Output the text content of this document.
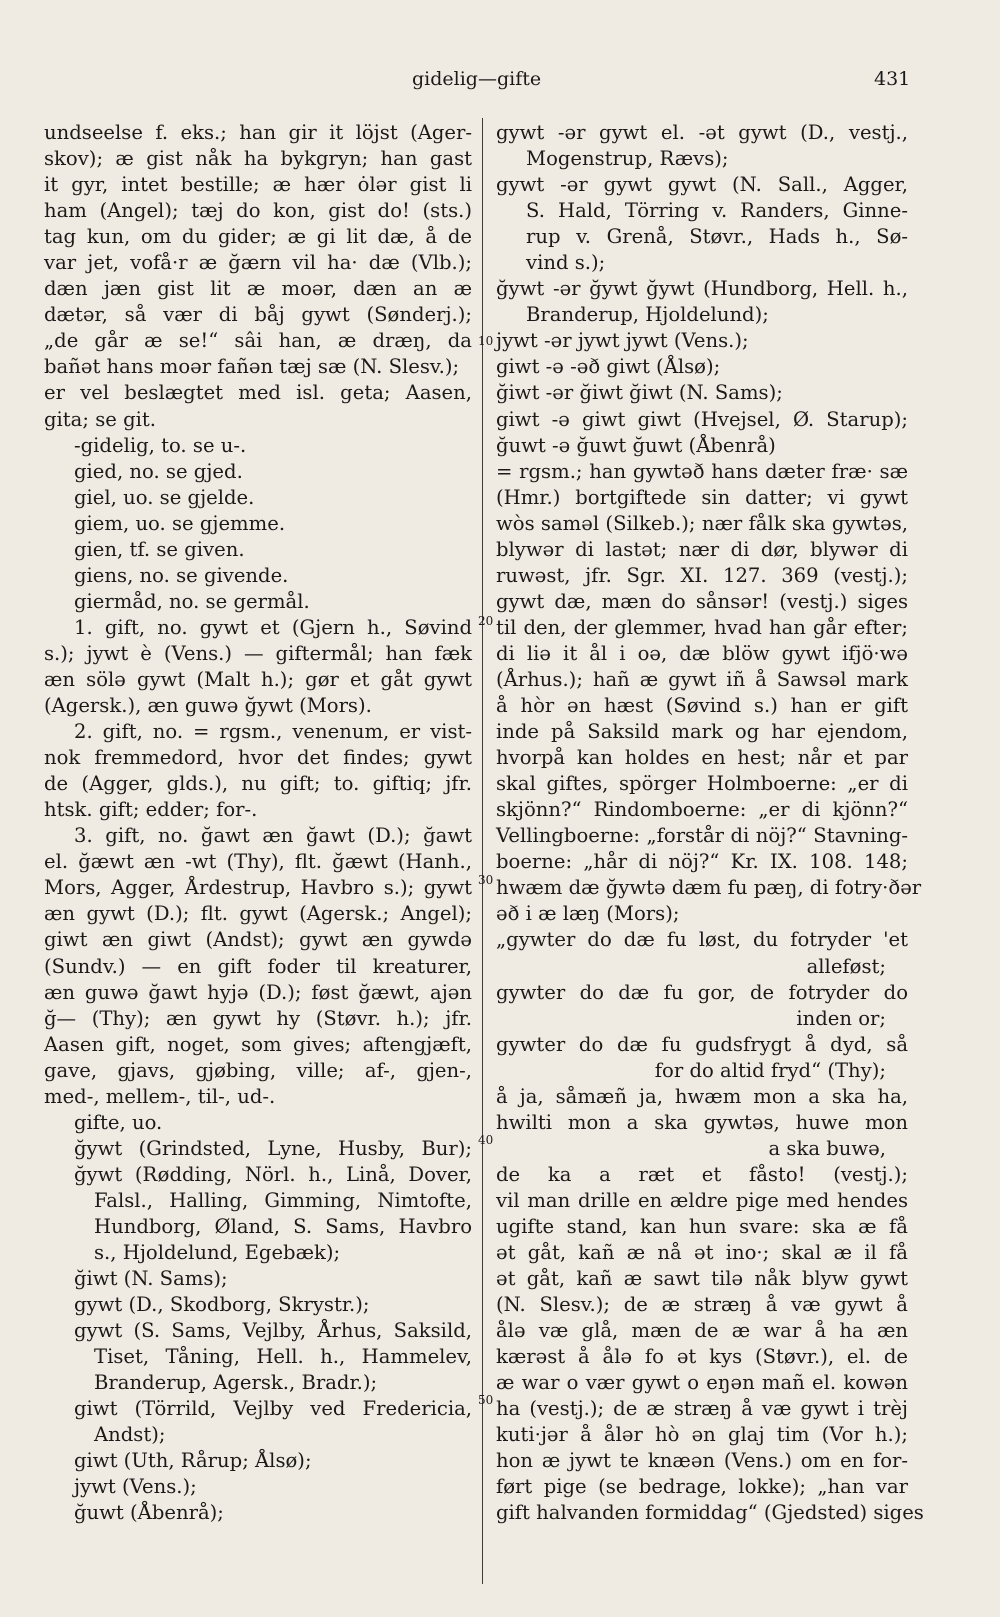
gidelig—gifte	431
undseelse f. eks.; han gir it löjst (Ager-
skov); æ gist nåk ha bykgryn; han gast
it gyr, intet bestille; æ hær ȯlər gist li
ham (Angel); tæj do kon, gist do! (sts.)
tag kun, om du gider; æ gi lit dæ, å de
var jet, vofå·r æ ğærn vil ha· dæ (Vlb.);
dæn jæn gist lit æ moər, dæn an æ
dætər, så vær di båj gywt (Sønderj.);
„de går æ se!“ sâi han, æ dræŋ, da
bañət hans moər fañən tæj sæ (N. Slesv.);
er vel beslægtet med isl. geta; Aasen,
gita; se git.
-gidelig, to. se u-.
gied, no. se gjed.
giel, uo. se gjelde.
giem, uo. se gjemme.
gien, tf. se given.
giens, no. se givende.
giermåd, no. se germål.
1. gift, no. gywt et (Gjern h., Søvind
s.); jywt è (Vens.) — giftermål; han fæk
æn sölə gywt (Malt h.); gør et gåt gywt
(Agersk.), æn guwə ğywt (Mors).
2. gift, no. = rgsm., venenum, er vist-
nok fremmedord, hvor det findes; gywt
de (Agger, glds.), nu gift; to. giftiq; jfr.
htsk. gift; edder; for-.
3. gift, no. ğawt æn ğawt (D.); ğawt
el. ğæwt æn -wt (Thy), flt. ğæwt (Hanh.,
Mors, Agger, Årdestrup, Havbro s.); gywt
æn gywt (D.); flt. gywt (Agersk.; Angel);
giwt æn giwt (Andst); gywt æn gywdə
(Sundv.) — en gift foder til kreaturer,
æn guwə ğawt hyjə (D.); føst ğæwt, ajən
ğ— (Thy); æn gywt hy (Støvr. h.); jfr.
Aasen gift, noget, som gives; aftengjæft,
gave, gjavs, gjøbing, ville; af-, gjen-,
med-, mellem-, til-, ud-.
gifte, uo.
ğywt (Grindsted, Lyne, Husby, Bur);
ğywt (Rødding, Nörl. h., Linå, Dover,
Falsl., Halling, Gimming, Nimtofte,
Hundborg, Øland, S. Sams, Havbro
s., Hjoldelund, Egebæk);
ğiwt (N. Sams);
gywt (D., Skodborg, Skrystr.);
gywt (S. Sams, Vejlby, Århus, Saksild,
Tiset, Tåning, Hell. h., Hammelev,
Branderup, Agersk., Bradr.);
giwt (Törrild, Vejlby ved Fredericia,
Andst);
giwt (Uth, Rårup; Ålsø);
jywt (Vens.);
ğuwt (Åbenrå);
gywt -ər gywt el. -ət gywt (D., vestj.,
Mogenstrup, Rævs);
gywt -ər gywt gywt (N. Sall., Agger,
S. Hald, Törring v. Randers, Ginne-
rup v. Grenå, Støvr., Hads h., Sø-
vind s.);
ğywt -ər ğywt ğywt (Hundborg, Hell. h.,
Branderup, Hjoldelund);
jywt -ər jywt jywt (Vens.);
giwt -ə -əð giwt (Ålsø);
ğiwt -ər ğiwt ğiwt (N. Sams);
giwt -ə giwt giwt (Hvejsel, Ø. Starup);
ğuwt -ə ğuwt ğuwt (Åbenrå)
= rgsm.; han gywtəð hans dæter fræ· sæ
(Hmr.) bortgiftede sin datter; vi gywt
wòs saməl (Silkeb.); nær fålk ska gywtəs,
blywər di lastət; nær di dør, blywər di
ruwəst, jfr. Sgr. XI. 127. 369 (vestj.);
gywt dæ, mæn do sånsər! (vestj.) siges
til den, der glemmer, hvad han går efter;
di liə it ål i oə, dæ blöw gywt ifjö·wə
(Århus.); hañ æ gywt iñ å Sawsəl mark
å hòr ən hæst (Søvind s.) han er gift
inde på Saksild mark og har ejendom,
hvorpå kan holdes en hest; når et par
skal giftes, spörger Holmboerne: „er di
skjönn?“ Rindomboerne: „er di kjönn?“
Vellingboerne: „forstår di nöj?“ Stavning-
boerne: „hår di nöj?“ Kr. IX. 108. 148;
hwæm dæ ğywtə dæm fu pæŋ, di fotry·ðər
əð i æ læŋ (Mors);
„gywter do dæ fu løst, du fotryder 'et
alleføst;
gywter do dæ fu gor, de fotryder do
inden or;
gywter do dæ fu gudsfrygt å dyd, så
for do altid fryd“ (Thy);
å ja, såmæñ ja, hwæm mon a ska ha,
hwilti mon a ska gywtəs, huwe mon
a ska buwə,
de ka a ræt et fåsto! (vestj.);
vil man drille en ældre pige med hendes
ugifte stand, kan hun svare: ska æ få
ət gåt, kañ æ nå ət ino·; skal æ il få
ət gåt, kañ æ sawt tilə nåk blyw gywt
(N. Slesv.); de æ stræŋ å væ gywt å
ålə væ glå, mæn de æ war å ha æn
kærəst å ålə fo ət kys (Støvr.), el. de
æ war o vær gywt o eŋən mañ el. kowən
ha (vestj.); de æ stræŋ å væ gywt i trèj
kuti·jər å ålər hò ən glaj tim (Vor h.);
hon æ jywt te knæən (Vens.) om en for-
ført pige (se bedrage, lokke); „han var
gift halvanden formiddag“ (Gjedsted) siges
10
20
30
40
50
